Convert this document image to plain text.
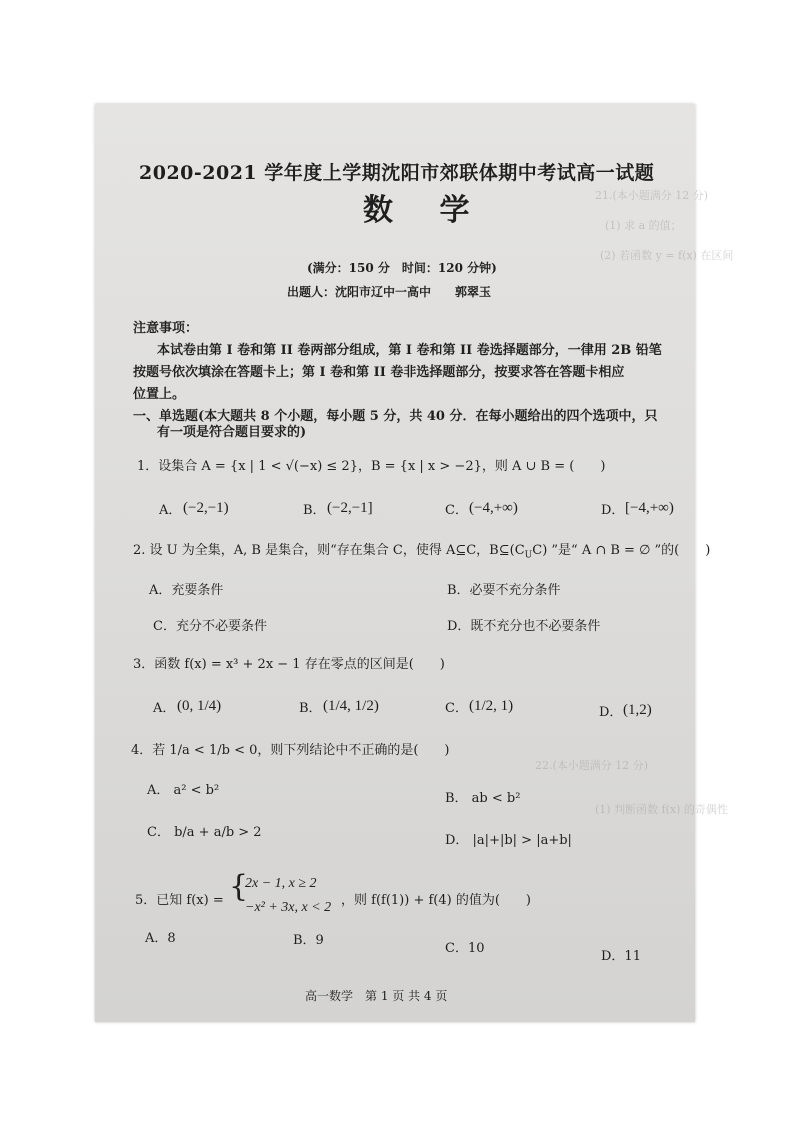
21.(本小题满分 12 分)
(1) 求 a 的值；
(2) 若函数 y = f(x) 在区间
22.(本小题满分 12 分)
(1) 判断函数 f(x) 的奇偶性
2020-2021 学年度上学期沈阳市郊联体期中考试高一试题
数 学
(满分：150 分　时间：120 分钟)
出题人：沈阳市辽中一高中　　郭翠玉
注意事项：
本试卷由第 I 卷和第 II 卷两部分组成，第 I 卷和第 II 卷选择题部分，一律用 2B 铅笔
按题号依次填涂在答题卡上；第 I 卷和第 II 卷非选择题部分，按要求答在答题卡相应
位置上。
一、单选题(本大题共 8 个小题，每小题 5 分，共 40 分．在每小题给出的四个选项中，只
有一项是符合题目要求的)
1．设集合 A = {x | 1 < √(−x) ≤ 2}，B = {x | x > −2}，则 A ∪ B = (　　)
A． (−2,−1)	B． (−2,−1]	C． (−4,+∞)	D． [−4,+∞)
2. 设 U 为全集，A, B 是集合，则“存在集合 C，使得 A⊆C，$B⊆(C_UC)$ ”是“ A ∩ B = ∅ ”的(　　)
A．充要条件	B．必要不充分条件
C．充分不必要条件	D．既不充分也不必要条件
3．函数 f(x) = x³ + 2x − 1 存在零点的区间是(　　)
A． (0, 1/4)	B． (1/4, 1/2)	C． (1/2, 1)	D． (1,2)
4．若 1/a < 1/b < 0，则下列结论中不正确的是(　　)
A． a² < b²
B． ab < b²
C． b/a + a/b > 2
D． |a|+|b| > |a+b|
5．已知 f(x) = {
2x − 1, x ≥ 2
−x² + 3x, x < 2 ，则 f(f(1)) + f(4) 的值为(　　)
A．8	B．9
C．10
D．11
高一数学　第 1 页 共 4 页
